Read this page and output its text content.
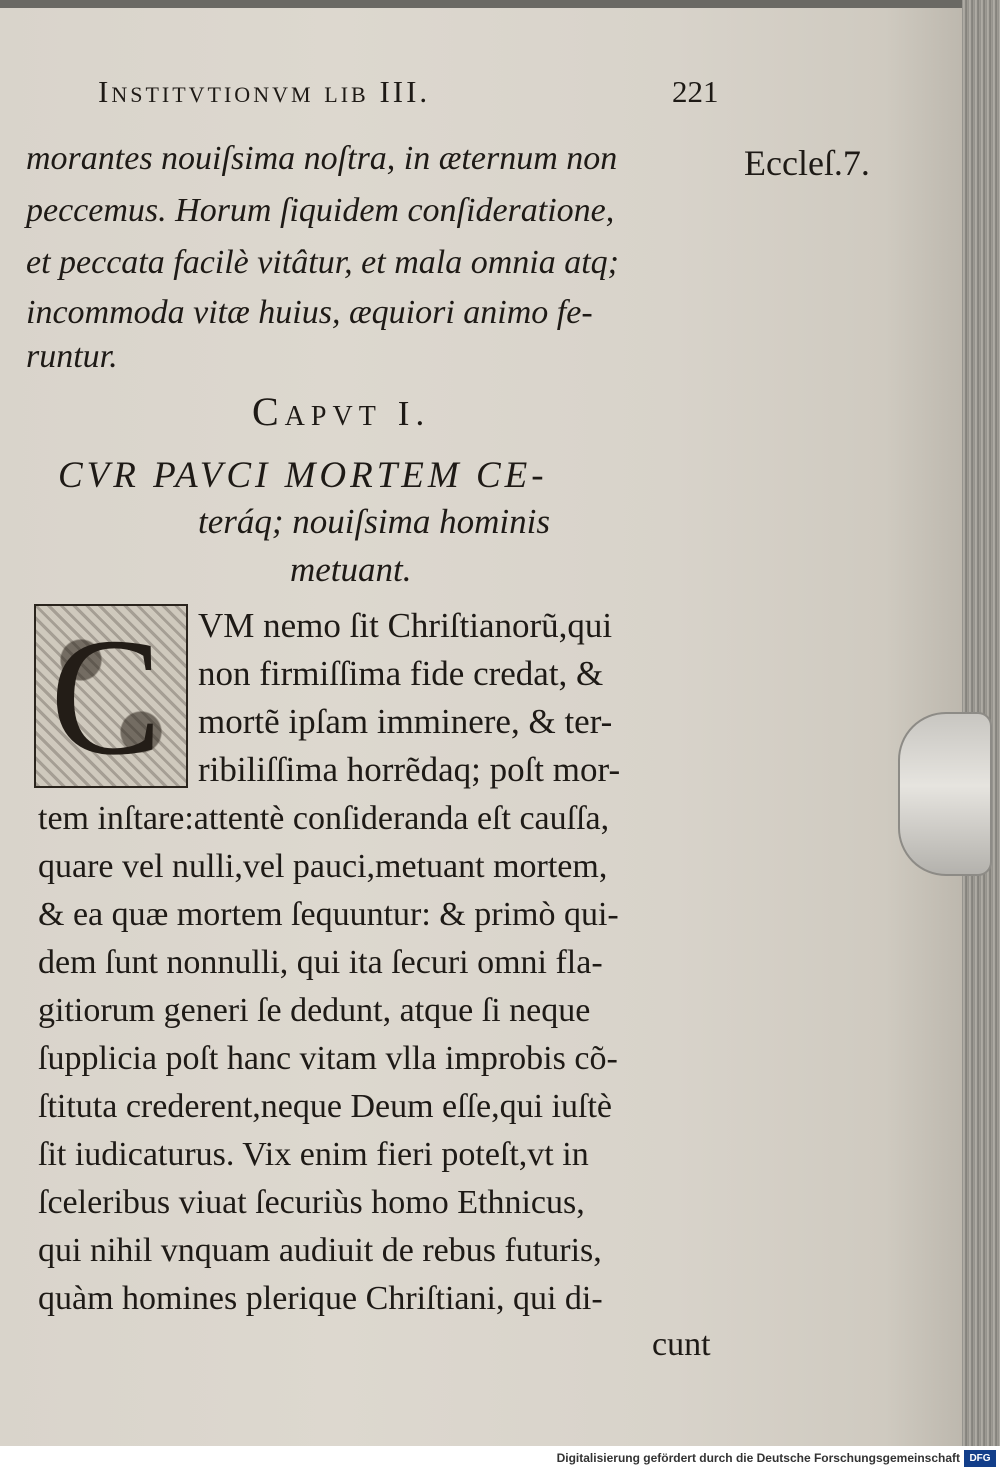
Institvtionvm lib III.	221
Eccleſ.7.
morantes nouiſsima noſtra, in æternum non
peccemus. Horum ſiquidem conſideratione,
et peccata facilè vitâtur, et mala omnia atq;
incommoda vitæ huius, æquiori animo fe-
runtur.
Capvt I.
CVR PAVCI MORTEM CE-
teráq; nouiſsima hominis
metuant.
C VM nemo ſit Chriſtianorũ,qui
non firmiſſima fide credat, &
mortẽ ipſam imminere, & ter-
ribiliſſima horrẽdaq; poſt mor-
tem inſtare:attentè conſideranda eſt cauſſa,
quare vel nulli,vel pauci,metuant mortem,
& ea quæ mortem ſequuntur: & primò qui-
dem ſunt nonnulli, qui ita ſecuri omni fla-
gitiorum generi ſe dedunt, atque ſi neque
ſupplicia poſt hanc vitam vlla improbis cõ-
ſtituta crederent,neque Deum eſſe,qui iuſtè
ſit iudicaturus. Vix enim fieri poteſt,vt in
ſceleribus viuat ſecuriùs homo Ethnicus,
qui nihil vnquam audiuit de rebus futuris,
quàm homines plerique Chriſtiani, qui di-
cunt
Digitalisierung gefördert durch die Deutsche Forschungsgemeinschaft DFG
